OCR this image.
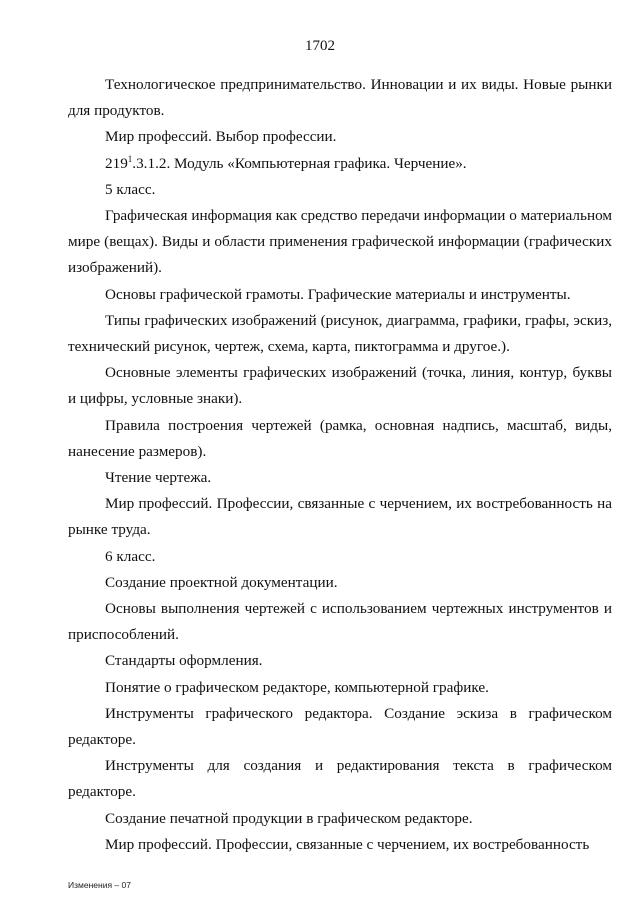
1702

Технологическое предпринимательство. Инновации и их виды. Новые рынки для продуктов.

Мир профессий. Выбор профессии.

$219^1.3.1.2$. Модуль «Компьютерная графика. Черчение».

5 класс.

Графическая информация как средство передачи информации о материальном мире (вещах). Виды и области применения графической информации (графических изображений).

Основы графической грамоты. Графические материалы и инструменты.

Типы графических изображений (рисунок, диаграмма, графики, графы, эскиз, технический рисунок, чертеж, схема, карта, пиктограмма и другое.).

Основные элементы графических изображений (точка, линия, контур, буквы и цифры, условные знаки).

Правила построения чертежей (рамка, основная надпись, масштаб, виды, нанесение размеров).

Чтение чертежа.

Мир профессий. Профессии, связанные с черчением, их востребованность на рынке труда.

6 класс.

Создание проектной документации.

Основы выполнения чертежей с использованием чертежных инструментов и приспособлений.

Стандарты оформления.

Понятие о графическом редакторе, компьютерной графике.

Инструменты графического редактора. Создание эскиза в графическом редакторе.

Инструменты для создания и редактирования текста в графическом редакторе.

Создание печатной продукции в графическом редакторе.

Мир профессий. Профессии, связанные с черчением, их востребованность

Изменения – 07
